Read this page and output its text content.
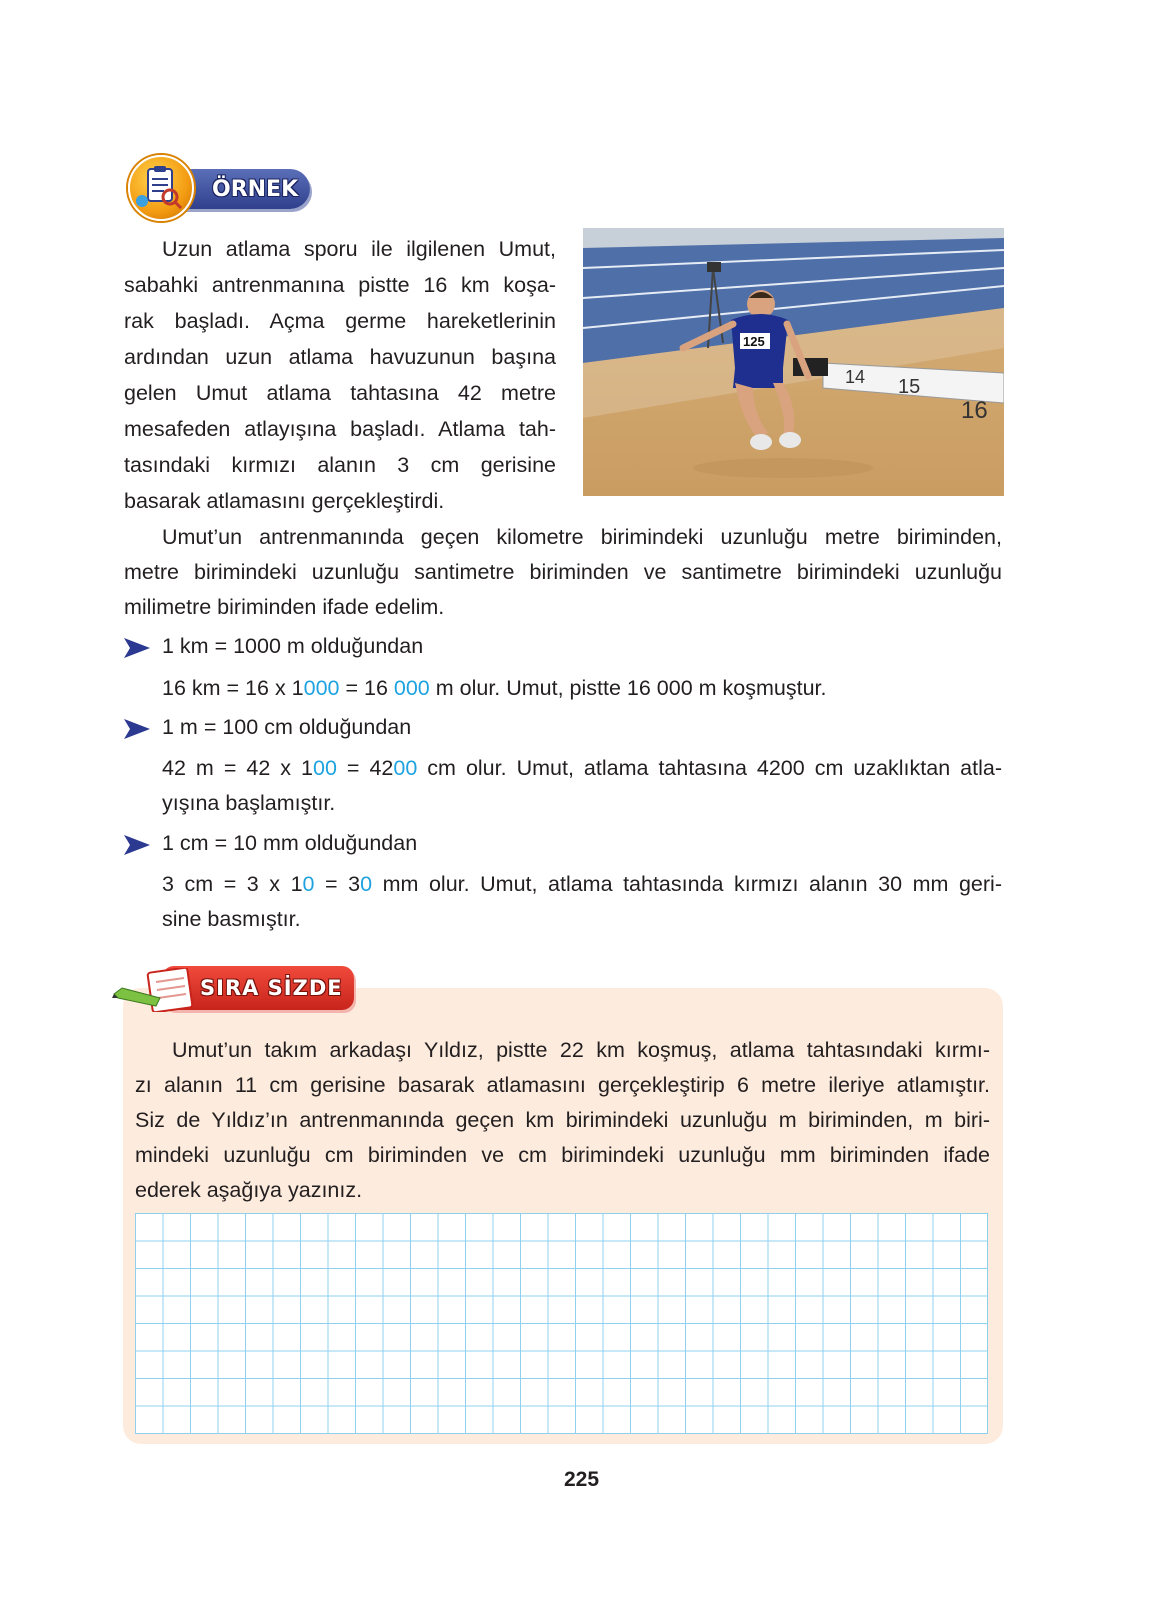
ÖRNEK
Uzun atlama sporu ile ilgilenen Umut,
sabahki antrenmanına pistte 16 km koşa-
rak başladı. Açma germe hareketlerinin
ardından uzun atlama havuzunun başına
gelen Umut atlama tahtasına 42 metre
mesafeden atlayışına başladı. Atlama tah-
tasındaki kırmızı alanın 3 cm gerisine
basarak atlamasını gerçekleştirdi.
14 15
16
125
Umut’un antrenmanında geçen kilometre birimindeki uzunluğu metre biriminden,
metre birimindeki uzunluğu santimetre biriminden ve santimetre birimindeki uzunluğu
milimetre biriminden ifade edelim.
1 km = 1000 m olduğundan
16 km = 16 x 1000 = 16 000 m olur. Umut, pistte 16 000 m koşmuştur.
1 m = 100 cm olduğundan
42 m = 42 x 100 = 4200 cm olur. Umut, atlama tahtasına 4200 cm uzaklıktan atla-
yışına başlamıştır.
1 cm = 10 mm olduğundan
3 cm = 3 x 10 = 30 mm olur. Umut, atlama tahtasında kırmızı alanın 30 mm geri-
sine basmıştır.
SIRA SİZDE
Umut’un takım arkadaşı Yıldız, pistte 22 km koşmuş, atlama tahtasındaki kırmı-
zı alanın 11 cm gerisine basarak atlamasını gerçekleştirip 6 metre ileriye atlamıştır.
Siz de Yıldız’ın antrenmanında geçen km birimindeki uzunluğu m biriminden, m biri-
mindeki uzunluğu cm biriminden ve cm birimindeki uzunluğu mm biriminden ifade
ederek aşağıya yazınız.
225
